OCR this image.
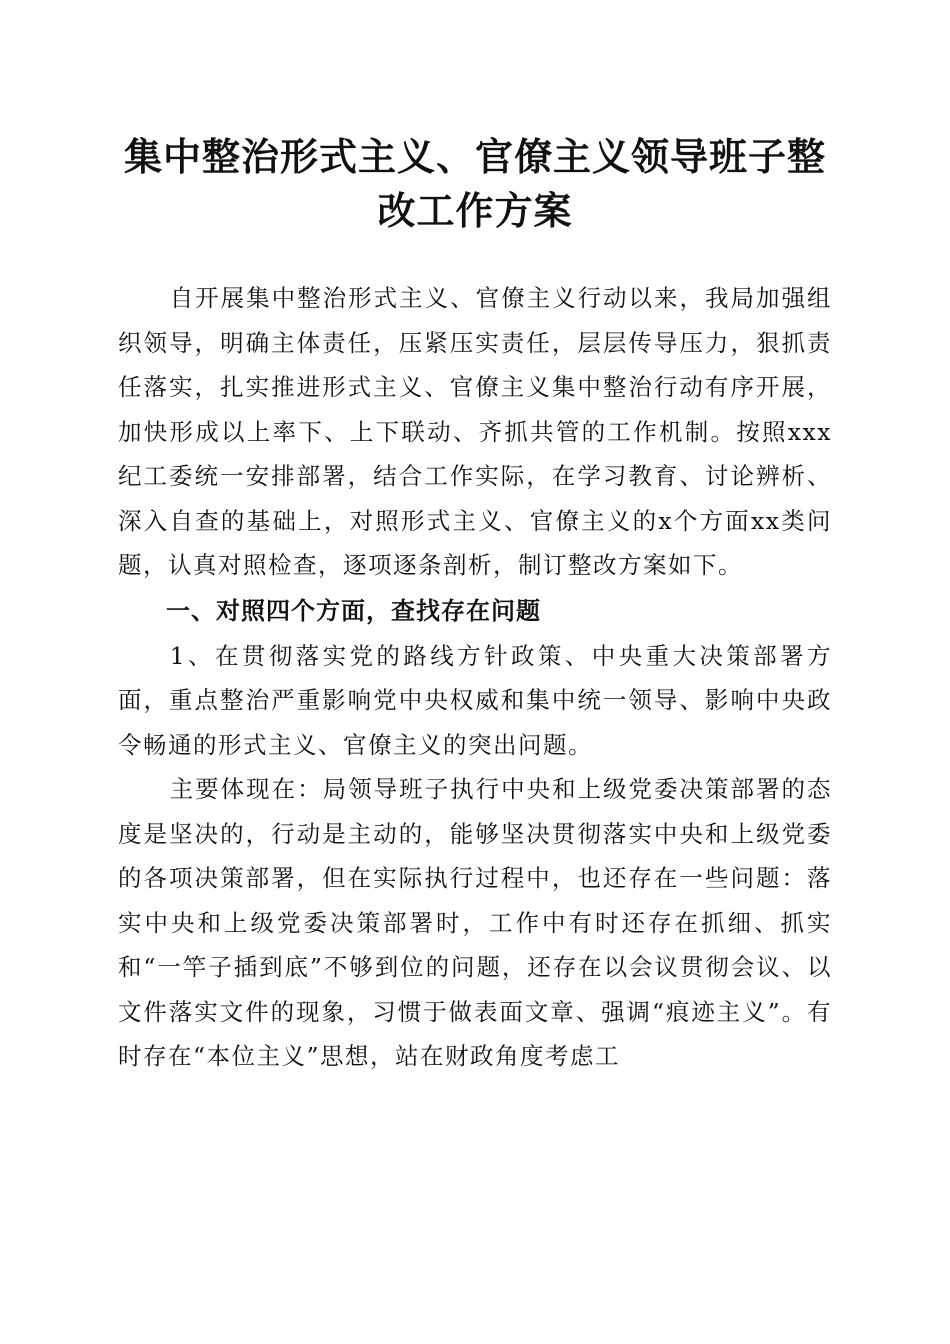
集中整治形式主义、官僚主义领导班子整改工作方案

自开展集中整治形式主义、官僚主义行动以来，我局加强组织领导，明确主体责任，压紧压实责任，层层传导压力，狠抓责任落实，扎实推进形式主义、官僚主义集中整治行动有序开展，加快形成以上率下、上下联动、齐抓共管的工作机制。按照xxx纪工委统一安排部署，结合工作实际，在学习教育、讨论辨析、深入自查的基础上，对照形式主义、官僚主义的x个方面xx类问题，认真对照检查，逐项逐条剖析，制订整改方案如下。

一、对照四个方面，查找存在问题

1、在贯彻落实党的路线方针政策、中央重大决策部署方面，重点整治严重影响党中央权威和集中统一领导、影响中央政令畅通的形式主义、官僚主义的突出问题。

主要体现在：局领导班子执行中央和上级党委决策部署的态度是坚决的，行动是主动的，能够坚决贯彻落实中央和上级党委的各项决策部署，但在实际执行过程中，也还存在一些问题：落实中央和上级党委决策部署时，工作中有时还存在抓细、抓实和“一竿子插到底”不够到位的问题，还存在以会议贯彻会议、以文件落实文件的现象，习惯于做表面文章、强调“痕迹主义”。有时存在“本位主义”思想，站在财政角度考虑工
